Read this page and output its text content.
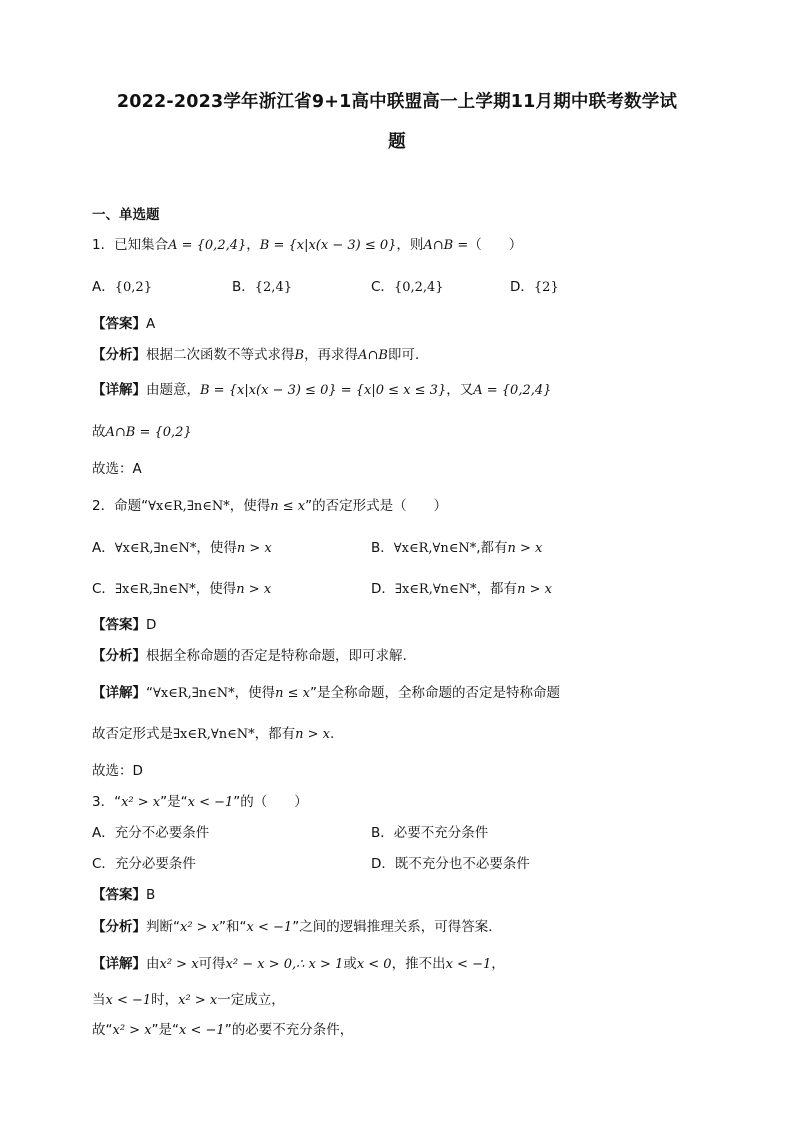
2022-2023学年浙江省9+1高中联盟高一上学期11月期中联考数学试
题
一、单选题
1．已知集合A = {0,2,4}，B = {x|x(x − 3) ≤ 0}，则A∩B =（　　）
A．{0,2}	B．{2,4}	C．{0,2,4}	D．{2}
【答案】A
【分析】根据二次函数不等式求得B，再求得A∩B即可.
【详解】由题意，B = {x|x(x − 3) ≤ 0} = {x|0 ≤ x ≤ 3}，又A = {0,2,4}
故A∩B = {0,2}
故选：A
2．命题“∀x∈R,∃n∈N*，使得n ≤ x”的否定形式是（　　）
A．∀x∈R,∃n∈N*，使得n > x	B．∀x∈R,∀n∈N*,都有n > x
C．∃x∈R,∃n∈N*，使得n > x	D．∃x∈R,∀n∈N*，都有n > x
【答案】D
【分析】根据全称命题的否定是特称命题，即可求解.
【详解】“∀x∈R,∃n∈N*，使得n ≤ x”是全称命题，全称命题的否定是特称命题
故否定形式是∃x∈R,∀n∈N*，都有n > x.
故选：D
3．“x² > x”是“x < −1”的（　　）
A．充分不必要条件	B．必要不充分条件
C．充分必要条件	D．既不充分也不必要条件
【答案】B
【分析】判断“x² > x”和“x < −1”之间的逻辑推理关系，可得答案.
【详解】由x² > x可得x² − x > 0,∴ x > 1或x < 0，推不出x < −1，
当x < −1时，x² > x一定成立，
故“x² > x”是“x < −1”的必要不充分条件，
